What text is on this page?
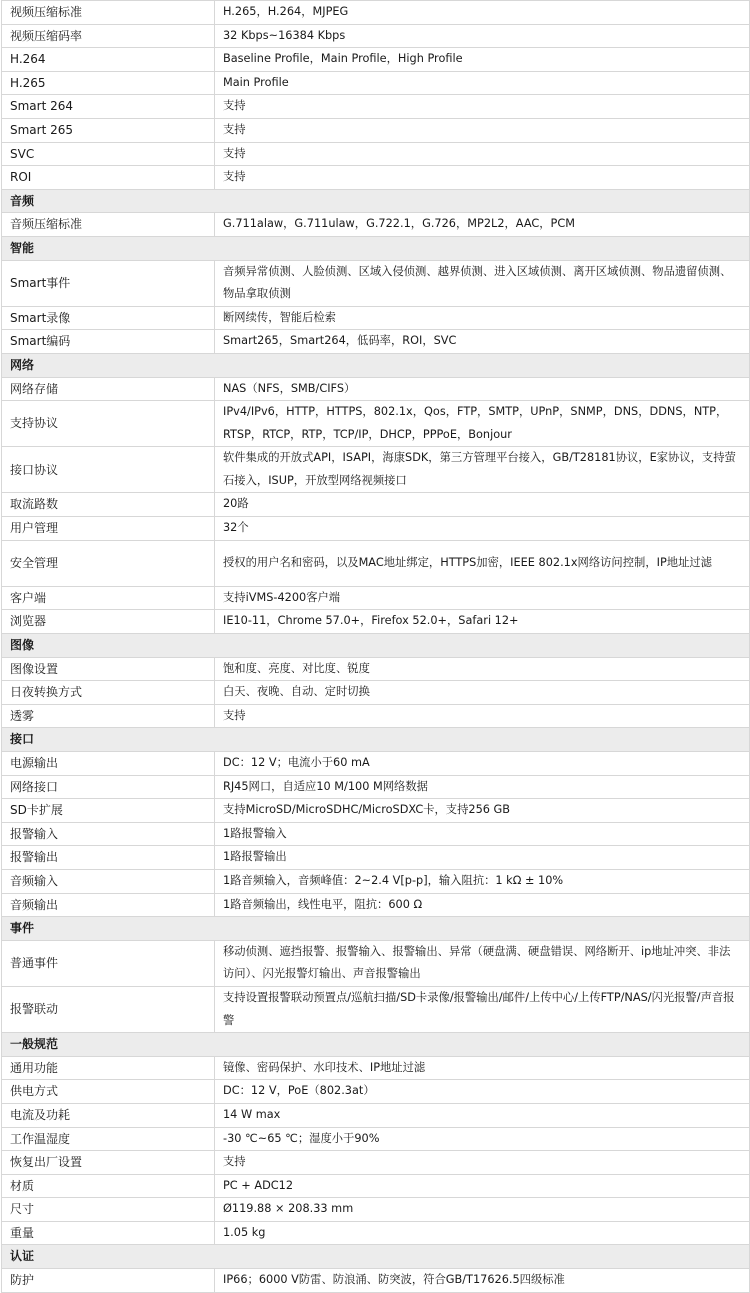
视频压缩标准	H.265，H.264，MJPEG
视频压缩码率	32 Kbps~16384 Kbps
H.264	Baseline Profile，Main Profile，High Profile
H.265	Main Profile
Smart 264	支持
Smart 265	支持
SVC	支持
ROI	支持
音频	
音频压缩标准	G.711alaw，G.711ulaw，G.722.1，G.726，MP2L2，AAC，PCM
智能	
Smart事件	音频异常侦测、人脸侦测、区域入侵侦测、越界侦测、进入区域侦测、离开区域侦测、物品遗留侦测、物品拿取侦测
Smart录像	断网续传，智能后检索
Smart编码	Smart265，Smart264，低码率，ROI，SVC
网络	
网络存储	NAS（NFS，SMB/CIFS）
支持协议	IPv4/IPv6，HTTP，HTTPS，802.1x，Qos，FTP，SMTP，UPnP，SNMP，DNS，DDNS，NTP，RTSP，RTCP，RTP，TCP/IP，DHCP，PPPoE，Bonjour
接口协议	软件集成的开放式API，ISAPI，海康SDK，第三方管理平台接入，GB/T28181协议，E家协议，支持萤石接入，ISUP，开放型网络视频接口
取流路数	20路
用户管理	32个
安全管理	授权的用户名和密码，以及MAC地址绑定，HTTPS加密，IEEE 802.1x网络访问控制，IP地址过滤
客户端	支持iVMS-4200客户端
浏览器	IE10-11，Chrome 57.0+，Firefox 52.0+，Safari 12+
图像	
图像设置	饱和度、亮度、对比度、锐度
日夜转换方式	白天、夜晚、自动、定时切换
透雾	支持
接口	
电源输出	DC：12 V；电流小于60 mA
网络接口	RJ45网口，自适应10 M/100 M网络数据
SD卡扩展	支持MicroSD/MicroSDHC/MicroSDXC卡，支持256 GB
报警输入	1路报警输入
报警输出	1路报警输出
音频输入	1路音频输入，音频峰值：2~2.4 V[p-p]，输入阻抗：1 kΩ ± 10%
音频输出	1路音频输出，线性电平，阻抗：600 Ω
事件	
普通事件	移动侦测、遮挡报警、报警输入、报警输出、异常（硬盘满、硬盘错误、网络断开、ip地址冲突、非法访问）、闪光报警灯输出、声音报警输出
报警联动	支持设置报警联动预置点/巡航扫描/SD卡录像/报警输出/邮件/上传中心/上传FTP/NAS/闪光报警/声音报警
一般规范	
通用功能	镜像、密码保护、水印技术、IP地址过滤
供电方式	DC：12 V，PoE（802.3at）
电流及功耗	14 W max
工作温湿度	-30 ℃~65 ℃；湿度小于90%
恢复出厂设置	支持
材质	PC + ADC12
尺寸	Ø119.88 × 208.33 mm
重量	1.05 kg
认证	
防护	IP66；6000 V防雷、防浪涌、防突波，符合GB/T17626.5四级标准
